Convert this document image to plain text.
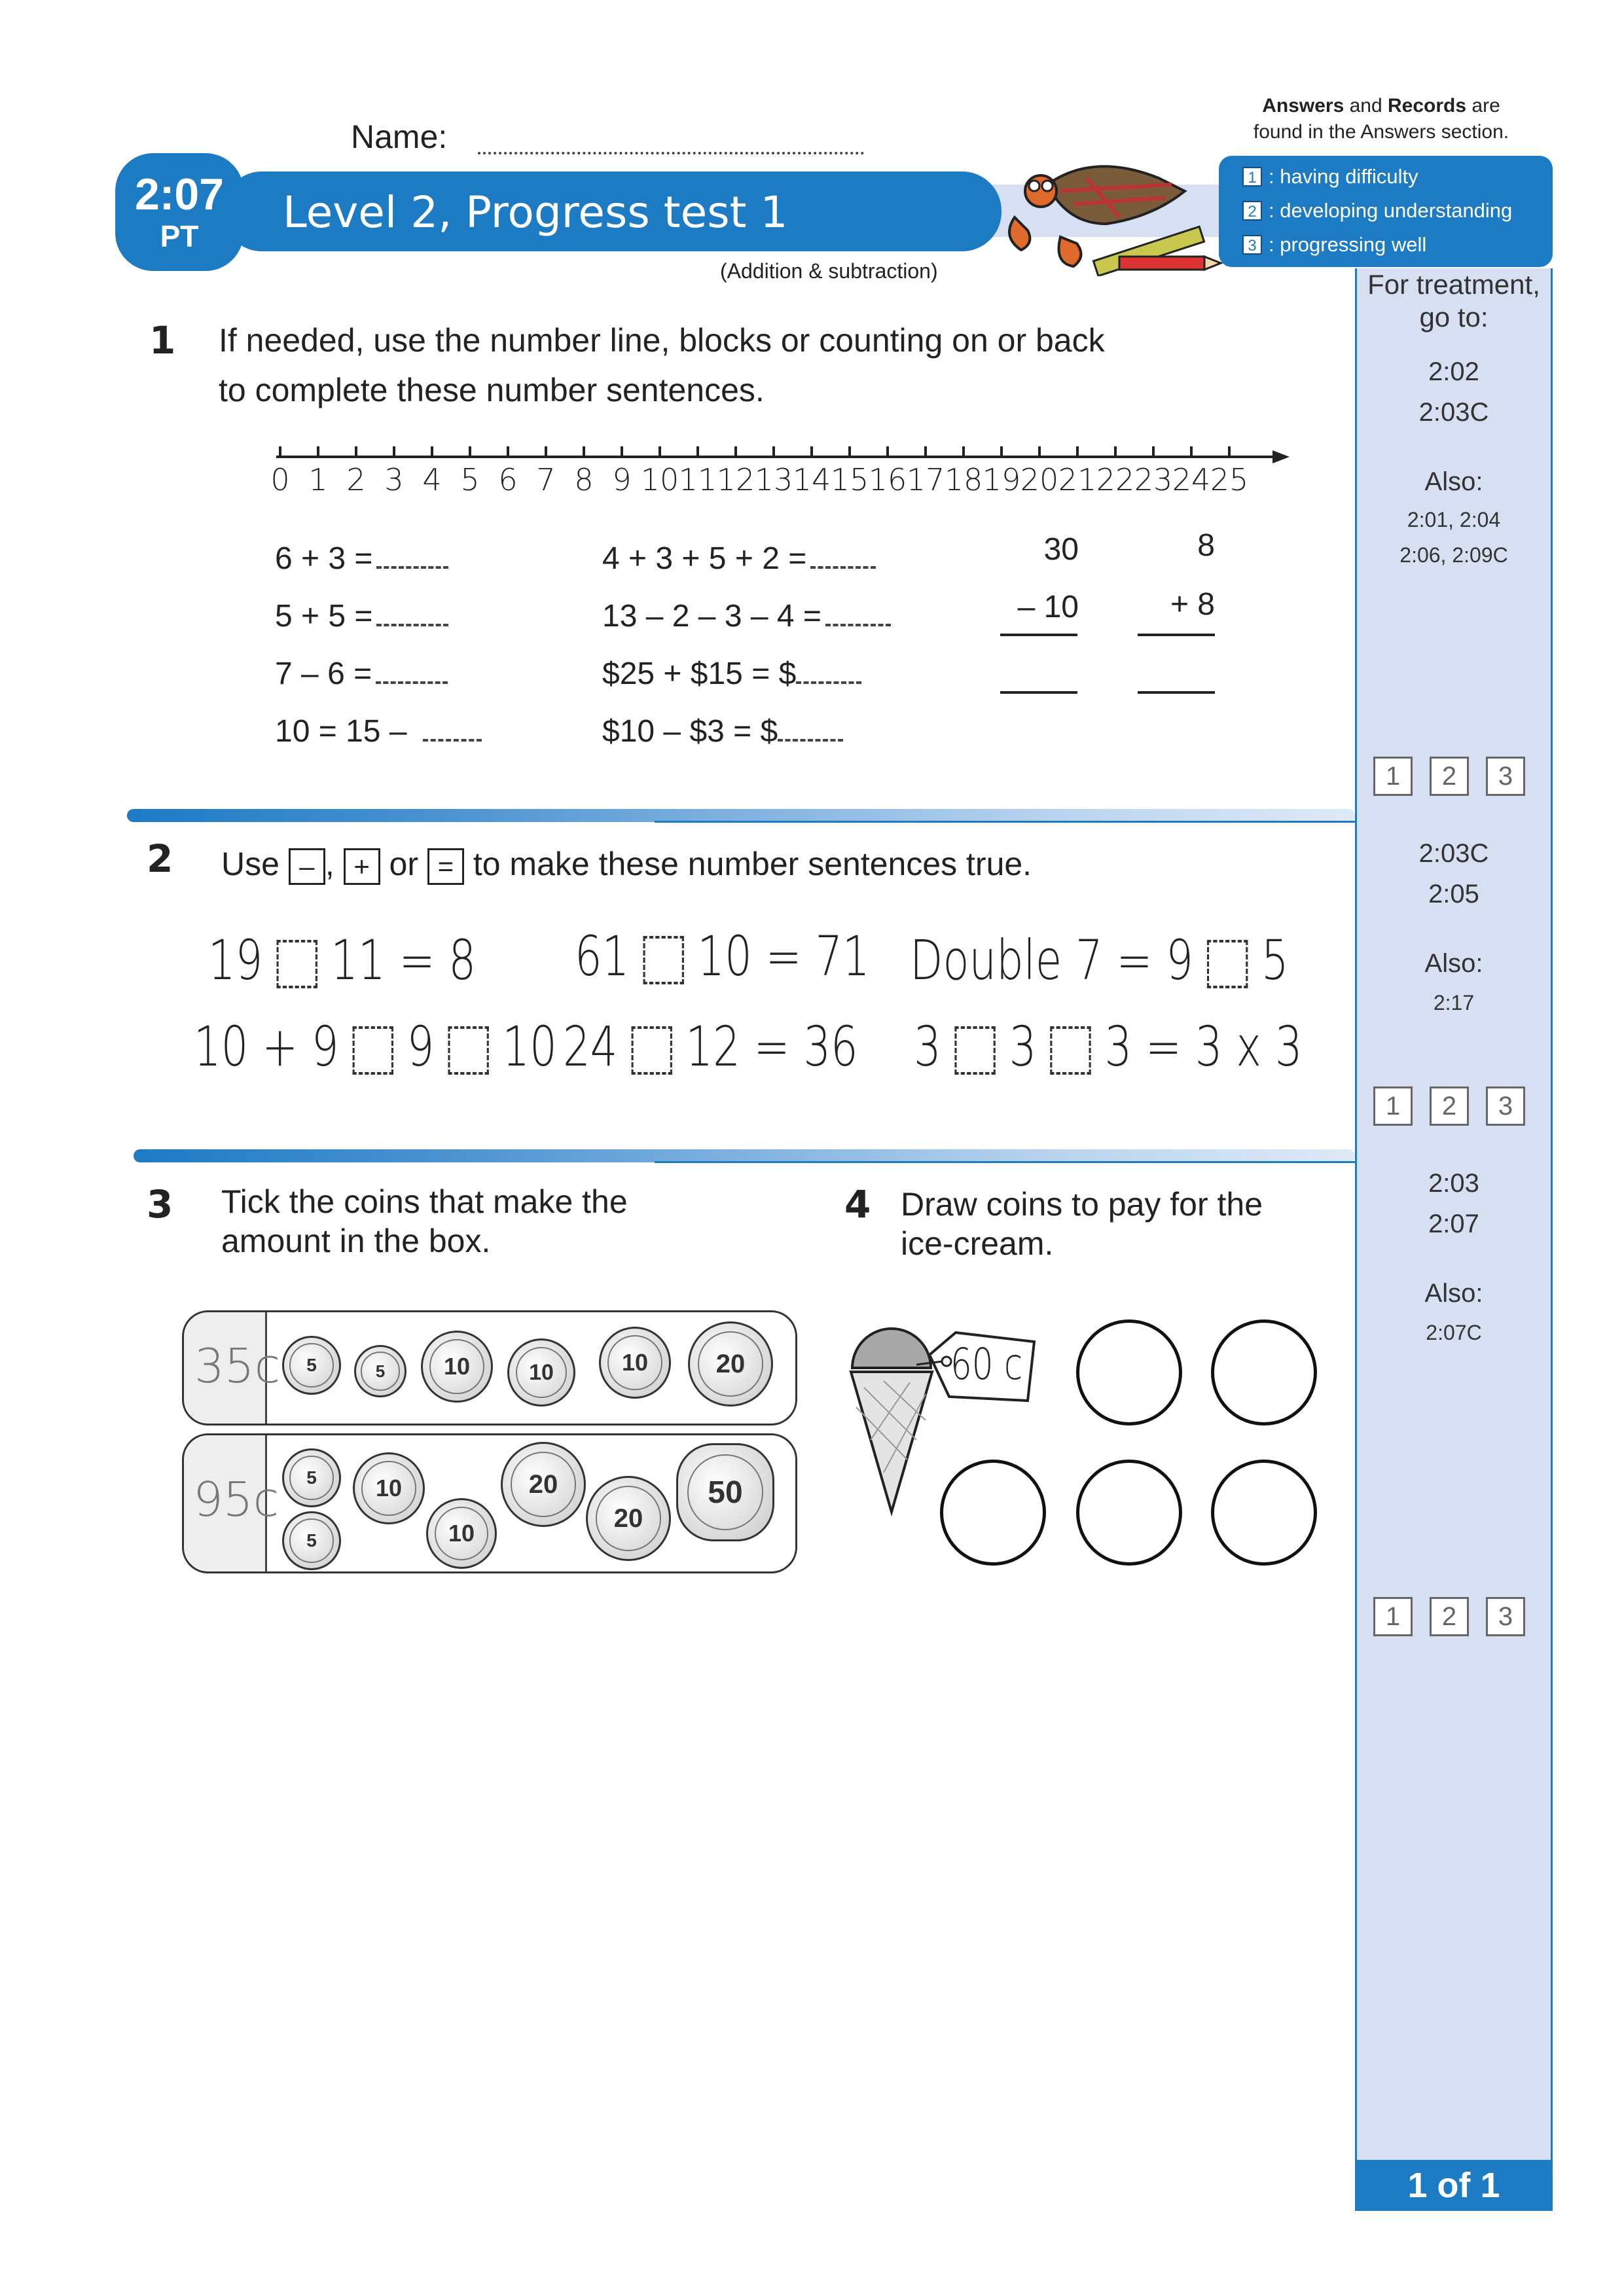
Name:
Answers and Records are
found in the Answers section.
2:07
PT	Level 2, Progress test 1
(Addition & subtraction)
1 : having difficulty
2 : developing understanding
3 : progressing well
For treatment, go to:
2:02
2:03C
Also:
2:01, 2:04
2:06, 2:09C
1	2	3
2:03C
2:05
Also:
2:17
1	2	3
2:03
2:07
Also:
2:07C
1	2	3
1 of 1
1 If needed, use the number line, blocks or counting on or back
to complete these number sentences.
0 1 2 3 4 5 6 7 8 9 10 11 12 13 14 15 16 17 18 19 20 21 22 23 24 25
6 + 3 =
5 + 5 =
7 – 6 =
10 = 15 –
4 + 3 + 5 + 2 =
13 – 2 – 3 – 4 =
$25 + $15 = $
$10 – $3 = $
30
– 10
8
+ 8
2 Use – , + or = to make these number sentences true.
19 11 = 8 61 10 = 71 Double 7 = 9 5
10 + 9 9 10 24 12 = 36 3 3 3 = 3 x 3
3 Tick the coins that make the
amount in the box.
35c	5	5	10	10	10	20
95c	5
5
10
10
20
20
50
4 Draw coins to pay for the
ice-cream.
60 c
